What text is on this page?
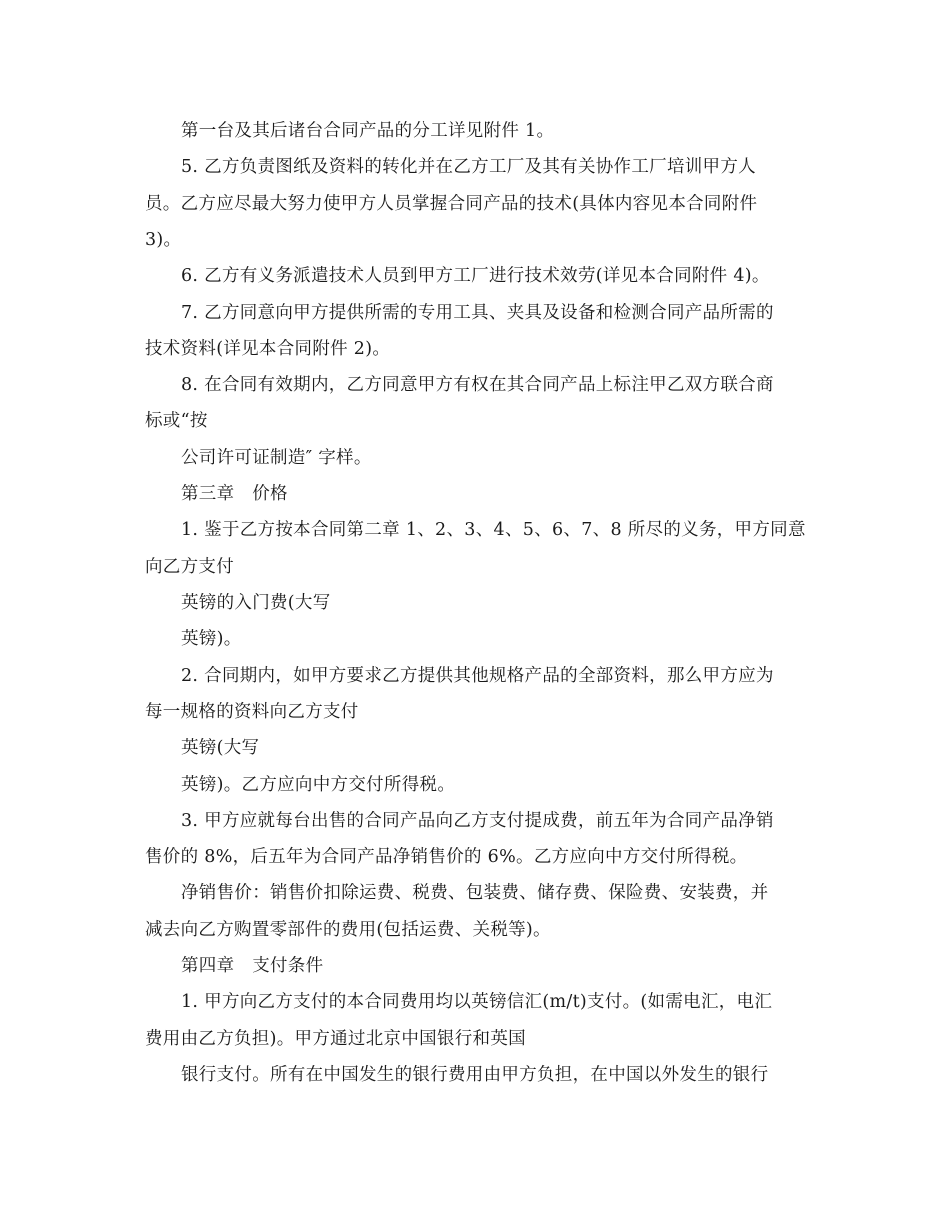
第一台及其后诸台合同产品的分工详见附件 1。
5. 乙方负责图纸及资料的转化并在乙方工厂及其有关协作工厂培训甲方人
员。乙方应尽最大努力使甲方人员掌握合同产品的技术(具体内容见本合同附件
3)。
6. 乙方有义务派遣技术人员到甲方工厂进行技术效劳(详见本合同附件 4)。
7. 乙方同意向甲方提供所需的专用工具、夹具及设备和检测合同产品所需的
技术资料(详见本合同附件 2)。
8. 在合同有效期内，乙方同意甲方有权在其合同产品上标注甲乙双方联合商
标或“按
公司许可证制造″ 字样。
第三章　价格
1. 鉴于乙方按本合同第二章 1、2、3、4、5、6、7、8 所尽的义务，甲方同意
向乙方支付
英镑的入门费(大写
英镑)。
2. 合同期内，如甲方要求乙方提供其他规格产品的全部资料，那么甲方应为
每一规格的资料向乙方支付
英镑(大写
英镑)。乙方应向中方交付所得税。
3. 甲方应就每台出售的合同产品向乙方支付提成费，前五年为合同产品净销
售价的 8%，后五年为合同产品净销售价的 6%。乙方应向中方交付所得税。
净销售价：销售价扣除运费、税费、包装费、储存费、保险费、安装费，并
减去向乙方购置零部件的费用(包括运费、关税等)。
第四章　支付条件
1. 甲方向乙方支付的本合同费用均以英镑信汇(m/t)支付。(如需电汇，电汇
费用由乙方负担)。甲方通过北京中国银行和英国
银行支付。所有在中国发生的银行费用由甲方负担，在中国以外发生的银行
